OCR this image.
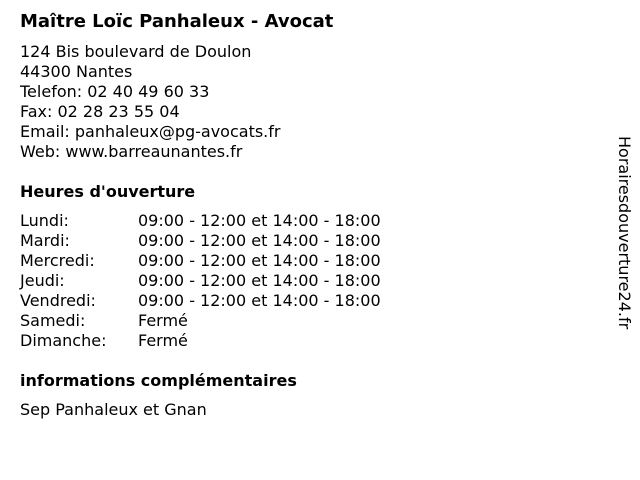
Maître Loïc Panhaleux - Avocat
124 Bis boulevard de Doulon
44300 Nantes
Telefon: 02 40 49 60 33
Fax: 02 28 23 55 04
Email: panhaleux@pg-avocats.fr
Web: www.barreaunantes.fr
Heures d'ouverture
Lundi:	09:00 - 12:00 et 14:00 - 18:00
Mardi:	09:00 - 12:00 et 14:00 - 18:00
Mercredi:	09:00 - 12:00 et 14:00 - 18:00
Jeudi:	09:00 - 12:00 et 14:00 - 18:00
Vendredi:	09:00 - 12:00 et 14:00 - 18:00
Samedi:	Fermé
Dimanche:	Fermé
informations complémentaires
Sep Panhaleux et Gnan
Horairesdouverture24.fr
